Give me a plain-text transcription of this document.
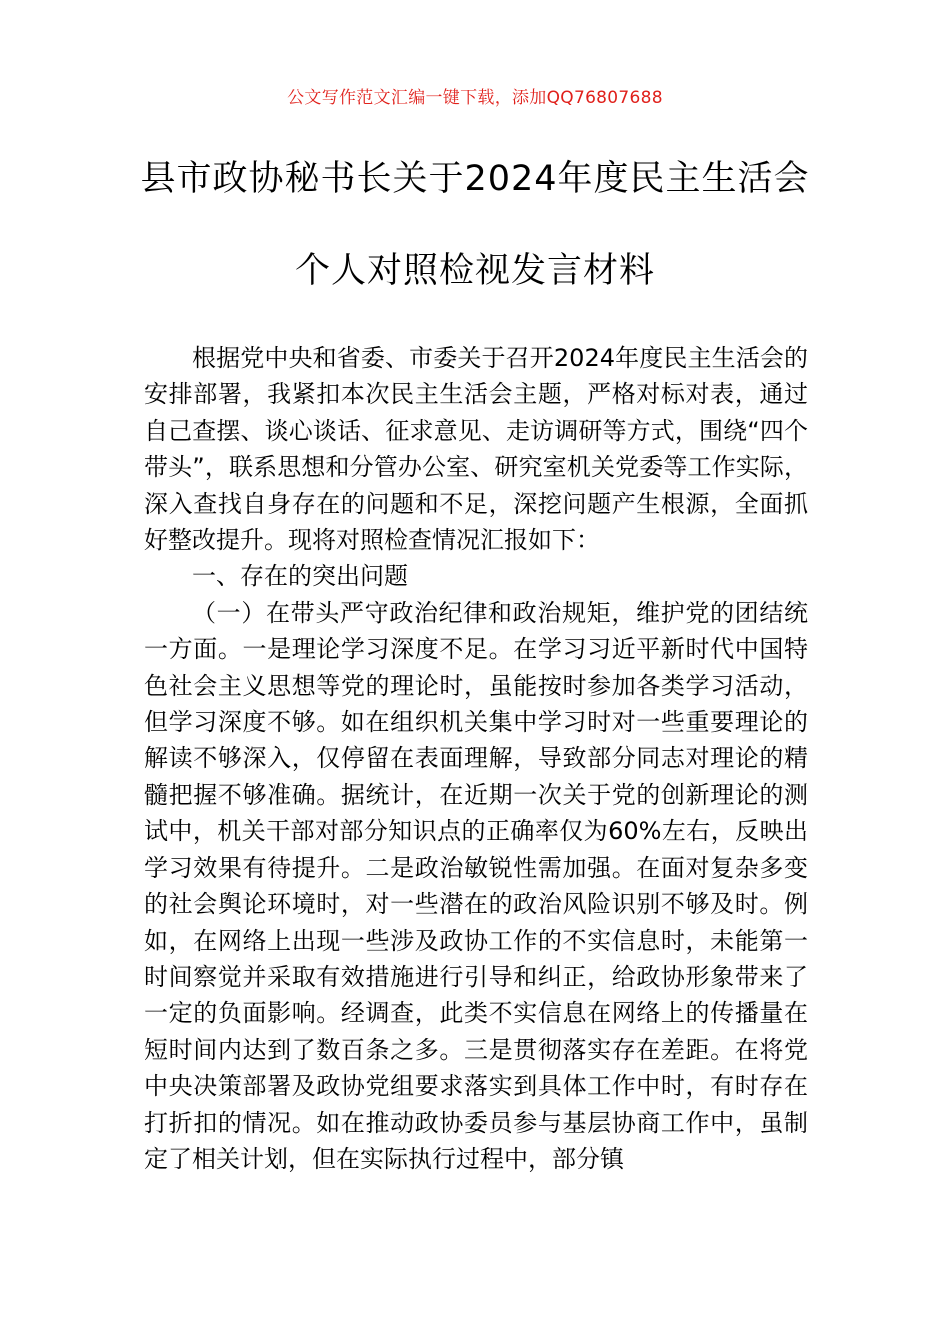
公文写作范文汇编一键下载，添加QQ76807688
县市政协秘书长关于2024年度民主生活会
个人对照检视发言材料

根据党中央和省委、市委关于召开2024年度民主生活会的安排部署，我紧扣本次民主生活会主题，严格对标对表，通过自己查摆、谈心谈话、征求意见、走访调研等方式，围绕“四个带头”，联系思想和分管办公室、研究室机关党委等工作实际，深入查找自身存在的问题和不足，深挖问题产生根源，全面抓好整改提升。现将对照检查情况汇报如下：

一、存在的突出问题

（一）在带头严守政治纪律和政治规矩，维护党的团结统一方面。一是理论学习深度不足。在学习习近平新时代中国特色社会主义思想等党的理论时，虽能按时参加各类学习活动，但学习深度不够。如在组织机关集中学习时对一些重要理论的解读不够深入，仅停留在表面理解，导致部分同志对理论的精髓把握不够准确。据统计，在近期一次关于党的创新理论的测试中，机关干部对部分知识点的正确率仅为60%左右，反映出学习效果有待提升。二是政治敏锐性需加强。在面对复杂多变的社会舆论环境时，对一些潜在的政治风险识别不够及时。例如，在网络上出现一些涉及政协工作的不实信息时，未能第一时间察觉并采取有效措施进行引导和纠正，给政协形象带来了一定的负面影响。经调查，此类不实信息在网络上的传播量在短时间内达到了数百条之多。三是贯彻落实存在差距。在将党中央决策部署及政协党组要求落实到具体工作中时，有时存在打折扣的情况。如在推动政协委员参与基层协商工作中，虽制定了相关计划，但在实际执行过程中，部分镇
